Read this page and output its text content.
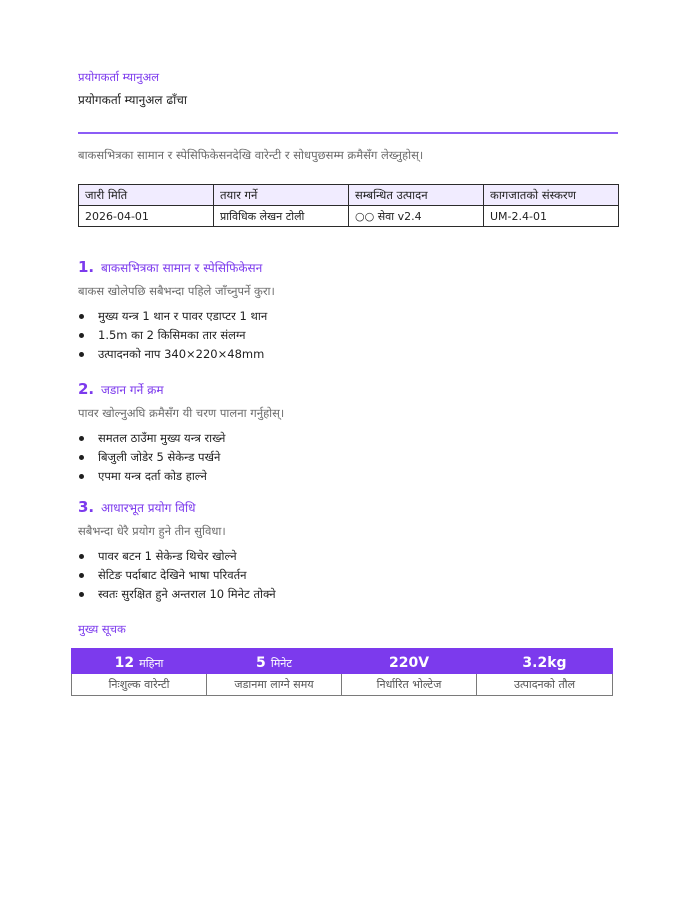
प्रयोगकर्ता म्यानुअल
प्रयोगकर्ता म्यानुअल ढाँचा
बाकसभित्रका सामान र स्पेसिफिकेसनदेखि वारेन्टी र सोधपुछसम्म क्रमैसँग लेख्नुहोस्।
जारी मिति	तयार गर्ने	सम्बन्धित उत्पादन	कागजातको संस्करण
2026-04-01	प्राविधिक लेखन टोली	○○ सेवा v2.4	UM-2.4-01
1. बाकसभित्रका सामान र स्पेसिफिकेसन
बाकस खोलेपछि सबैभन्दा पहिले जाँच्नुपर्ने कुरा।
मुख्य यन्त्र 1 थान र पावर एडाप्टर 1 थान
1.5m का 2 किसिमका तार संलग्न
उत्पादनको नाप 340×220×48mm
2. जडान गर्ने क्रम
पावर खोल्नुअघि क्रमैसँग यी चरण पालना गर्नुहोस्।
समतल ठाउँमा मुख्य यन्त्र राख्ने
बिजुली जोडेर 5 सेकेन्ड पर्खने
एपमा यन्त्र दर्ता कोड हाल्ने
3. आधारभूत प्रयोग विधि
सबैभन्दा धेरै प्रयोग हुने तीन सुविधा।
पावर बटन 1 सेकेन्ड थिचेर खोल्ने
सेटिङ पर्दाबाट देखिने भाषा परिवर्तन
स्वतः सुरक्षित हुने अन्तराल 10 मिनेट तोक्ने
मुख्य सूचक
12 महिना	5 मिनेट	220V	3.2kg
निःशुल्क वारेन्टी	जडानमा लाग्ने समय	निर्धारित भोल्टेज	उत्पादनको तौल
